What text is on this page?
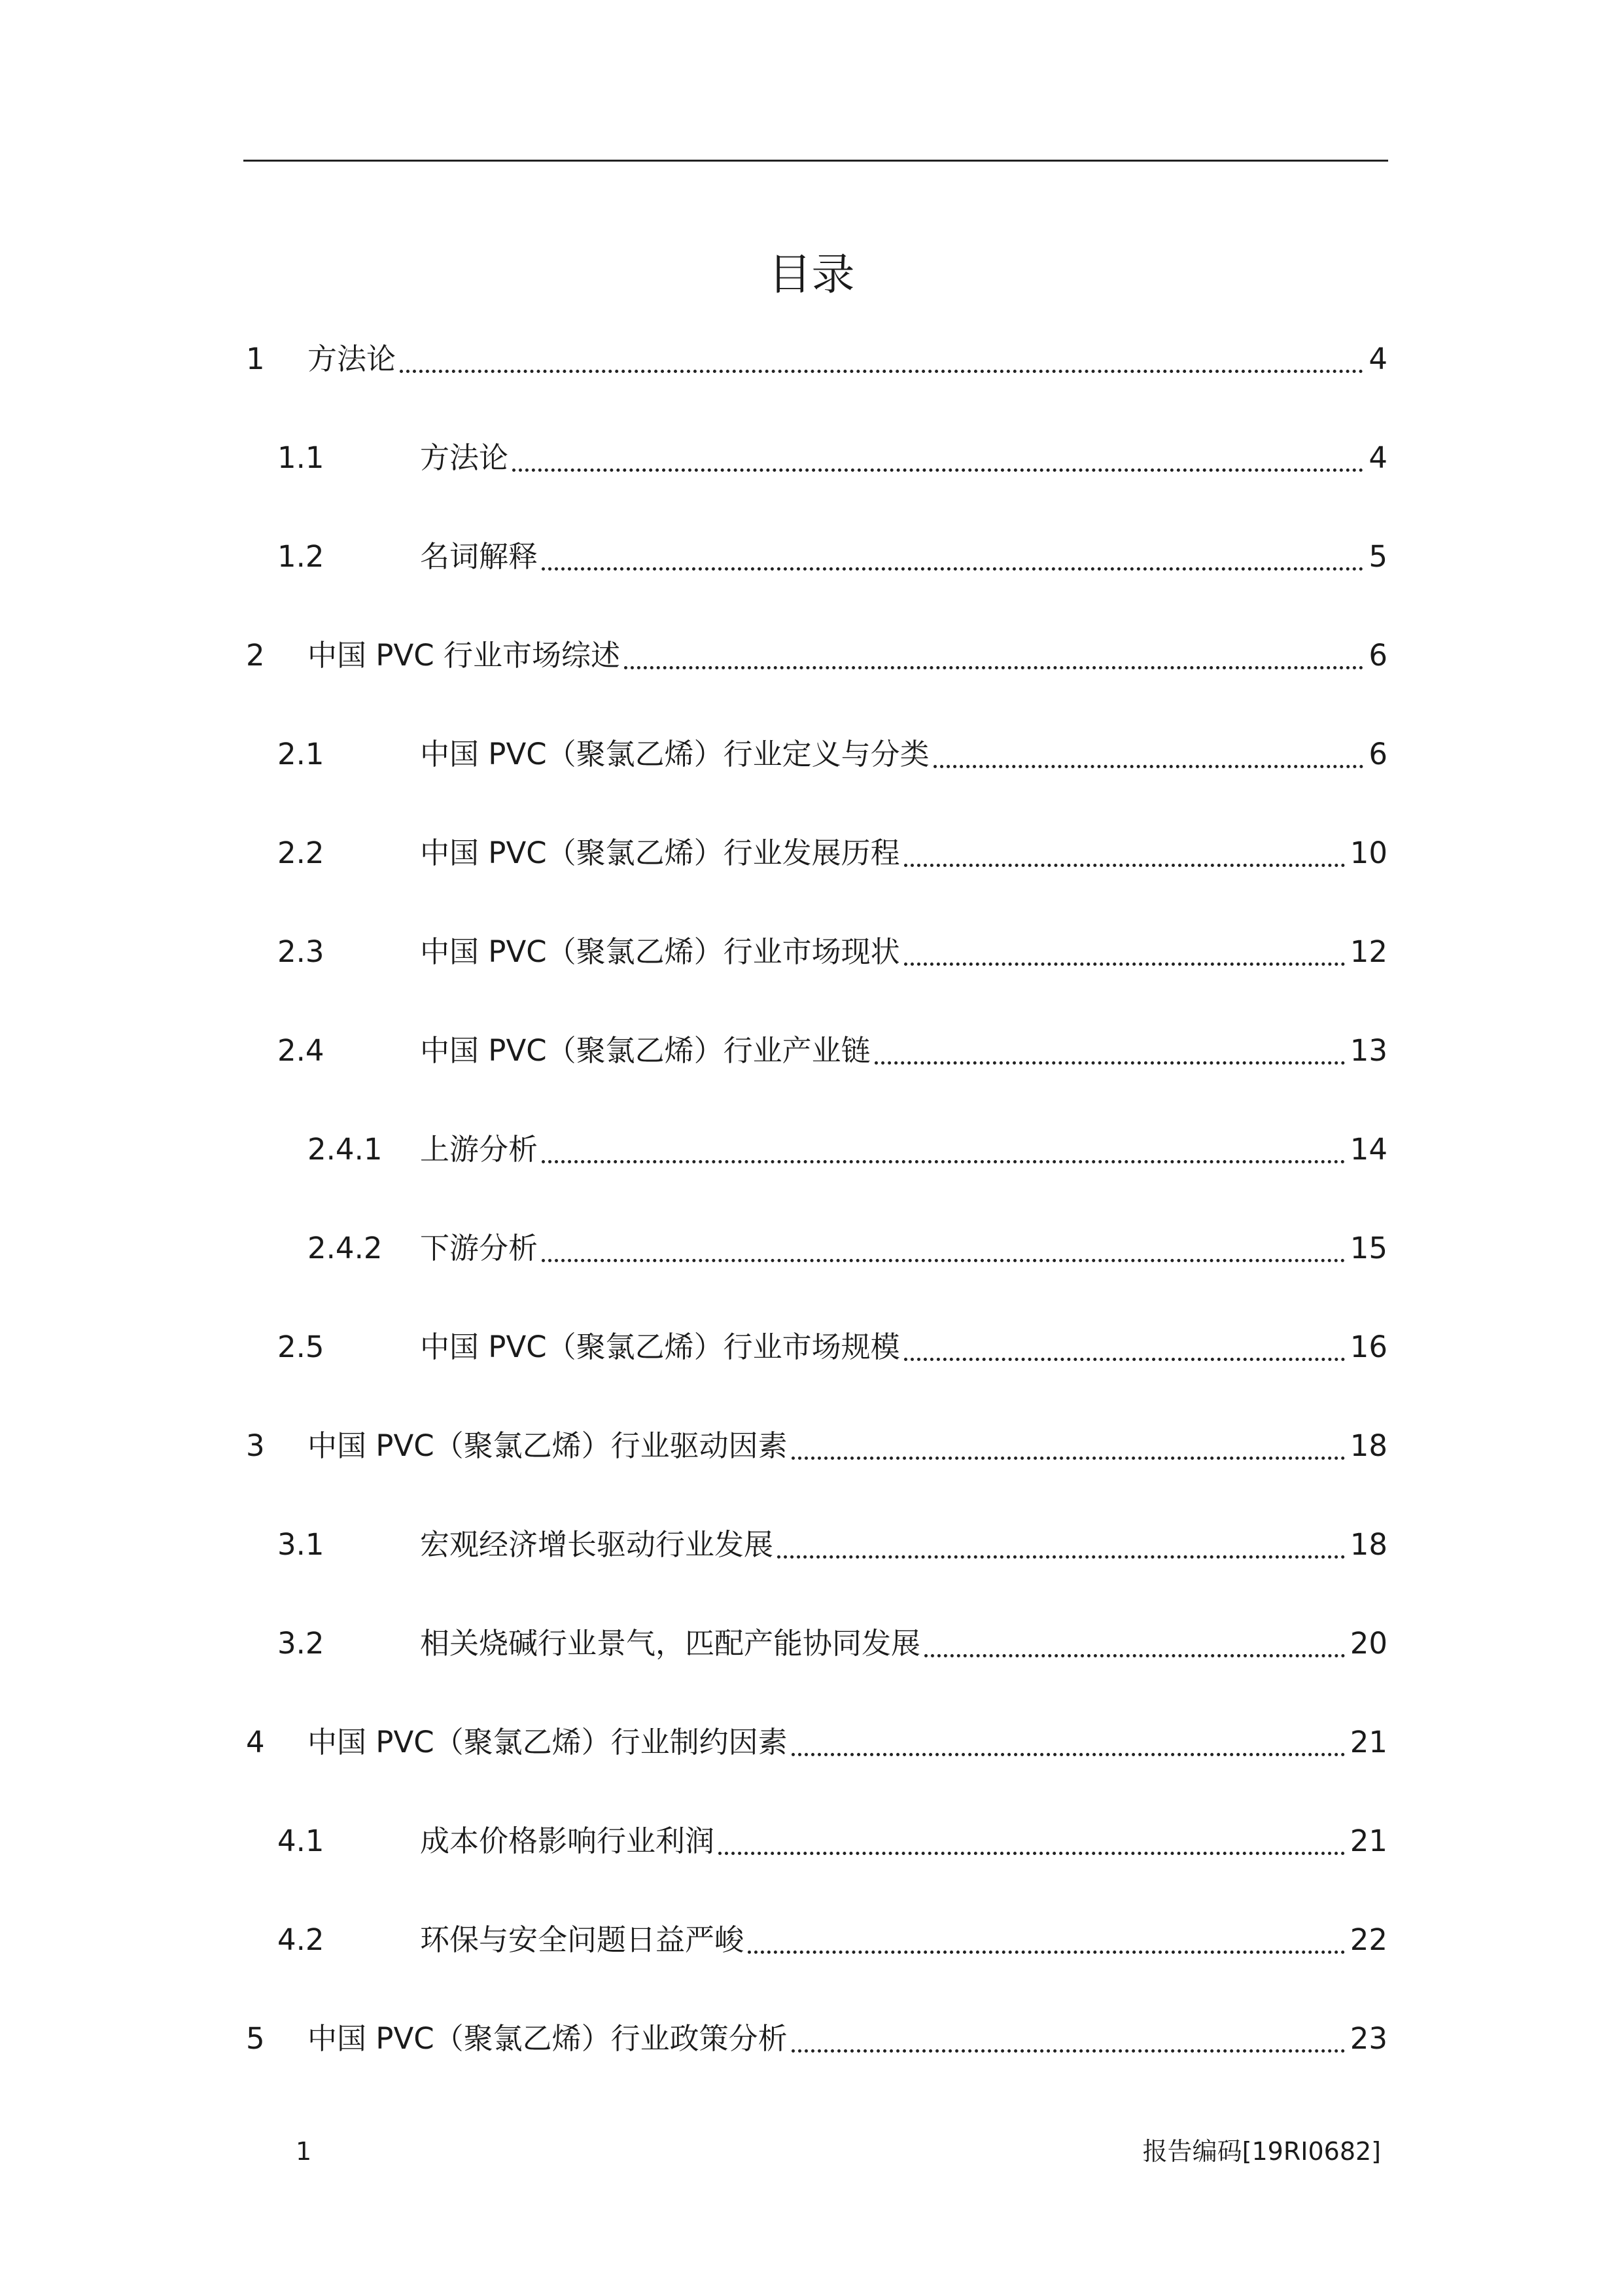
目录
1	方法论	4
1.1	方法论	4
1.2	名词解释	5
2	中国 PVC 行业市场综述	6
2.1	中国 PVC（聚氯乙烯）行业定义与分类	6
2.2	中国 PVC（聚氯乙烯）行业发展历程	10
2.3	中国 PVC（聚氯乙烯）行业市场现状	12
2.4	中国 PVC（聚氯乙烯）行业产业链	13
2.4.1	上游分析	14
2.4.2	下游分析	15
2.5	中国 PVC（聚氯乙烯）行业市场规模	16
3	中国 PVC（聚氯乙烯）行业驱动因素	18
3.1	宏观经济增长驱动行业发展	18
3.2	相关烧碱行业景气，匹配产能协同发展	20
4	中国 PVC（聚氯乙烯）行业制约因素	21
4.1	成本价格影响行业利润	21
4.2	环保与安全问题日益严峻	22
5	中国 PVC（聚氯乙烯）行业政策分析	23
1	报告编码[19RI0682]
